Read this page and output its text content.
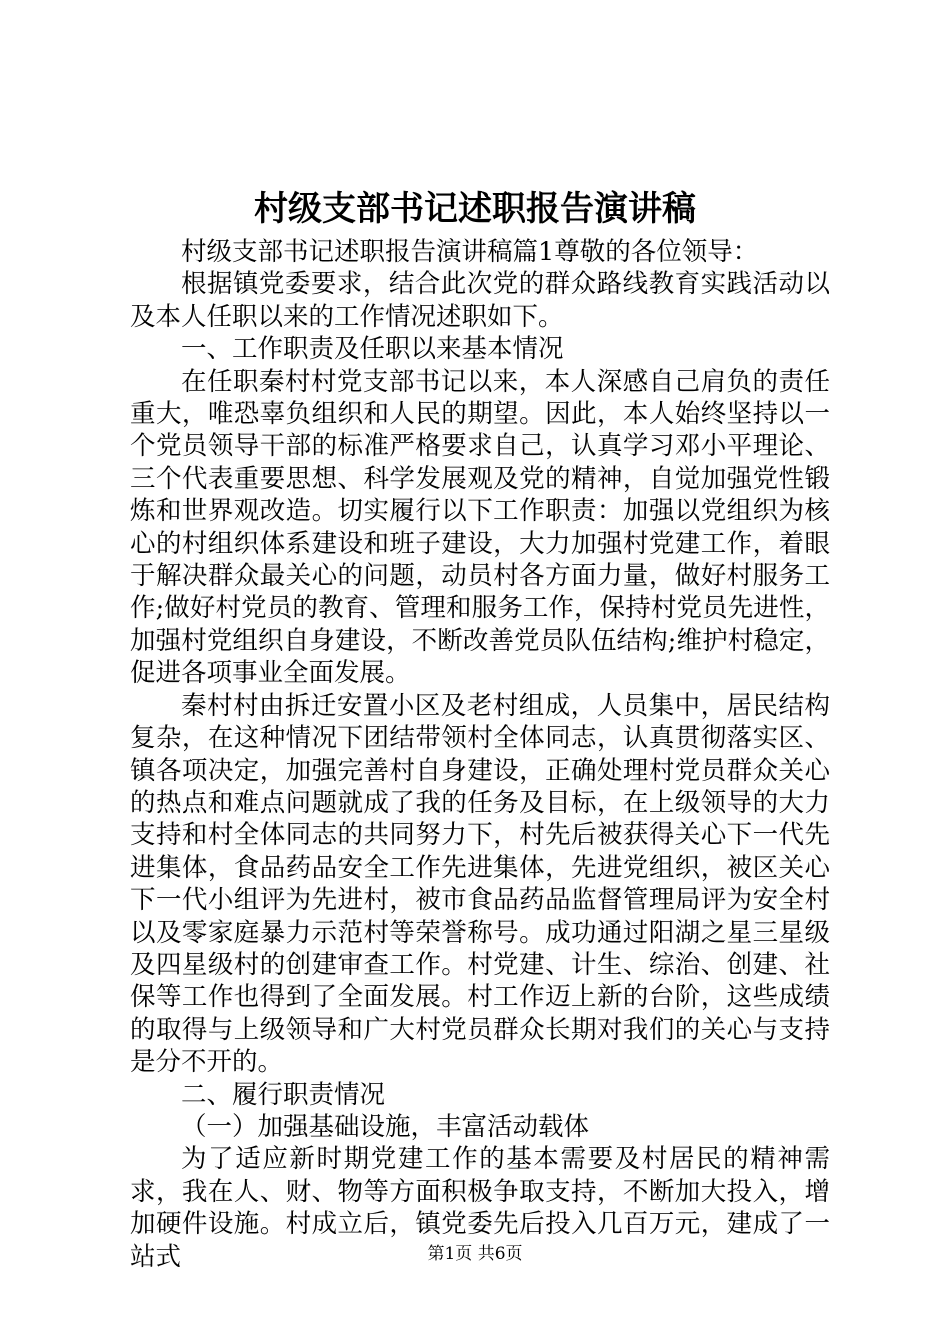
村级支部书记述职报告演讲稿

村级支部书记述职报告演讲稿篇1尊敬的各位领导：

根据镇党委要求，结合此次党的群众路线教育实践活动以及本人任职以来的工作情况述职如下。

一、工作职责及任职以来基本情况

在任职秦村村党支部书记以来，本人深感自己肩负的责任重大，唯恐辜负组织和人民的期望。因此，本人始终坚持以一个党员领导干部的标准严格要求自己，认真学习邓小平理论、三个代表重要思想、科学发展观及党的精神，自觉加强党性锻炼和世界观改造。切实履行以下工作职责：加强以党组织为核心的村组织体系建设和班子建设，大力加强村党建工作，着眼于解决群众最关心的问题，动员村各方面力量，做好村服务工作;做好村党员的教育、管理和服务工作，保持村党员先进性，加强村党组织自身建设，不断改善党员队伍结构;维护村稳定，促进各项事业全面发展。

秦村村由拆迁安置小区及老村组成，人员集中，居民结构复杂，在这种情况下团结带领村全体同志，认真贯彻落实区、镇各项决定，加强完善村自身建设，正确处理村党员群众关心的热点和难点问题就成了我的任务及目标，在上级领导的大力支持和村全体同志的共同努力下，村先后被获得关心下一代先进集体，食品药品安全工作先进集体，先进党组织，被区关心下一代小组评为先进村，被市食品药品监督管理局评为安全村以及零家庭暴力示范村等荣誉称号。成功通过阳湖之星三星级及四星级村的创建审查工作。村党建、计生、综治、创建、社保等工作也得到了全面发展。村工作迈上新的台阶，这些成绩的取得与上级领导和广大村党员群众长期对我们的关心与支持是分不开的。

二、履行职责情况

（一）加强基础设施，丰富活动载体

为了适应新时期党建工作的基本需要及村居民的精神需求，我在人、财、物等方面积极争取支持，不断加大投入，增加硬件设施。村成立后，镇党委先后投入几百万元，建成了一站式	第1页 共6页
